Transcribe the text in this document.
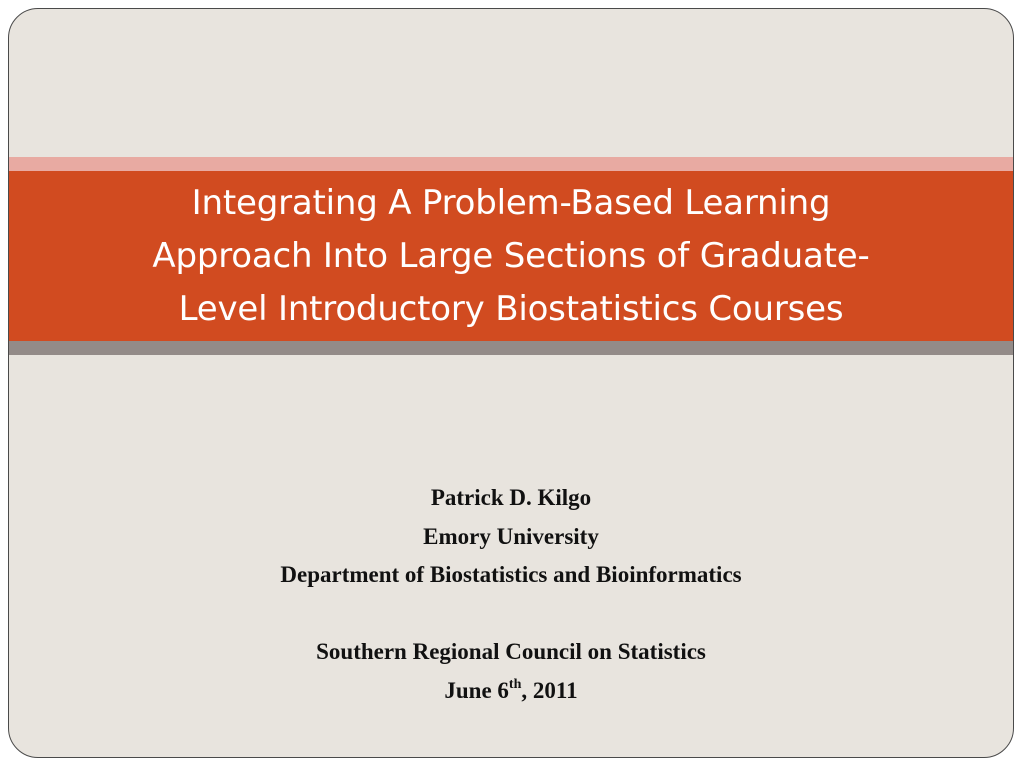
Integrating A Problem-Based Learning
Approach Into Large Sections of Graduate-
Level Introductory Biostatistics Courses
Patrick D. Kilgo
Emory University
Department of Biostatistics and Bioinformatics
Southern Regional Council on Statistics
June 6th, 2011
